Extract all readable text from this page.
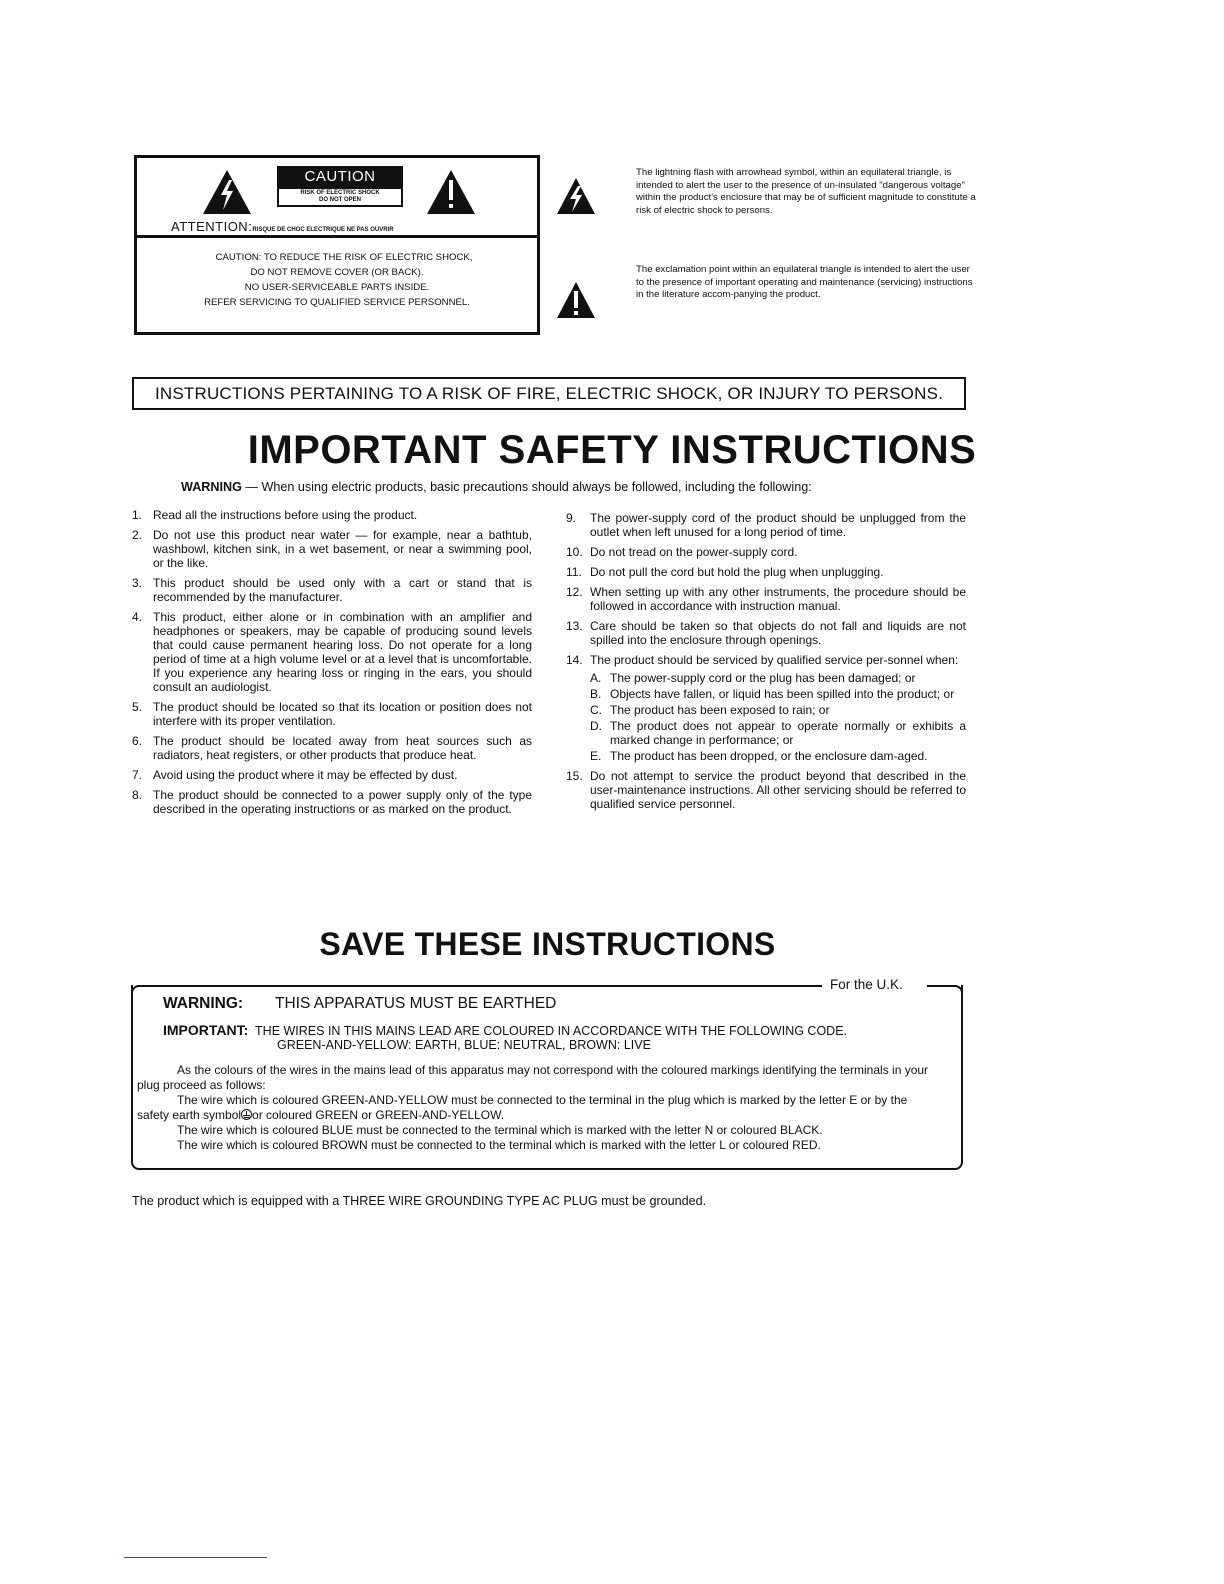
CAUTION
RISK OF ELECTRIC SHOCK
DO NOT OPEN
ATTENTION:RISQUE DE CHOC ELECTRIQUE NE PAS OUVRIR
CAUTION: TO REDUCE THE RISK OF ELECTRIC SHOCK,
DO NOT REMOVE COVER (OR BACK).
NO USER-SERVICEABLE PARTS INSIDE.
REFER SERVICING TO QUALIFIED SERVICE PERSONNEL.
The lightning flash with arrowhead symbol, within an equilateral triangle, is intended to alert the user to the presence of un-insulated "dangerous voltage" within the product's enclosure that may be of sufficient magnitude to constitute a risk of electric shock to persons.
The exclamation point within an equilateral triangle is intended to alert the user to the presence of important operating and maintenance (servicing) instructions in the literature accom-panying the product.
INSTRUCTIONS PERTAINING TO A RISK OF FIRE, ELECTRIC SHOCK, OR INJURY TO PERSONS.
IMPORTANT SAFETY INSTRUCTIONS
WARNING — When using electric products, basic precautions should always be followed, including the following:
1. Read all the instructions before using the product.
2. Do not use this product near water — for example, near a bathtub, washbowl, kitchen sink, in a wet basement, or near a swimming pool, or the like.
3. This product should be used only with a cart or stand that is recommended by the manufacturer.
4. This product, either alone or in combination with an amplifier and headphones or speakers, may be capable of producing sound levels that could cause permanent hearing loss. Do not operate for a long period of time at a high volume level or at a level that is uncomfortable. If you experience any hearing loss or ringing in the ears, you should consult an audiologist.
5. The product should be located so that its location or position does not interfere with its proper ventilation.
6. The product should be located away from heat sources such as radiators, heat registers, or other products that produce heat.
7. Avoid using the product where it may be effected by dust.
8. The product should be connected to a power supply only of the type described in the operating instructions or as marked on the product.
9. The power-supply cord of the product should be unplugged from the outlet when left unused for a long period of time.
10. Do not tread on the power-supply cord.
11. Do not pull the cord but hold the plug when unplugging.
12. When setting up with any other instruments, the procedure should be followed in accordance with instruction manual.
13. Care should be taken so that objects do not fall and liquids are not spilled into the enclosure through openings.
14. The product should be serviced by qualified service per-sonnel when:
A. The power-supply cord or the plug has been damaged; or
B. Objects have fallen, or liquid has been spilled into the product; or
C. The product has been exposed to rain; or
D. The product does not appear to operate normally or exhibits a marked change in performance; or
E. The product has been dropped, or the enclosure dam-aged.
15. Do not attempt to service the product beyond that described in the user-maintenance instructions. All other servicing should be referred to qualified service personnel.
SAVE THESE INSTRUCTIONS
For the U.K.
WARNING: THIS APPARATUS MUST BE EARTHED
IMPORTANT: THE WIRES IN THIS MAINS LEAD ARE COLOURED IN ACCORDANCE WITH THE FOLLOWING CODE.
GREEN-AND-YELLOW: EARTH, BLUE: NEUTRAL, BROWN: LIVE

As the colours of the wires in the mains lead of this apparatus may not correspond with the coloured markings identifying the terminals in your plug proceed as follows:

The wire which is coloured GREEN-AND-YELLOW must be connected to the terminal in the plug which is marked by the letter E or by the safety earth symbol or coloured GREEN or GREEN-AND-YELLOW.

The wire which is coloured BLUE must be connected to the terminal which is marked with the letter N or coloured BLACK.

The wire which is coloured BROWN must be connected to the terminal which is marked with the letter L or coloured RED.

The product which is equipped with a THREE WIRE GROUNDING TYPE AC PLUG must be grounded.
